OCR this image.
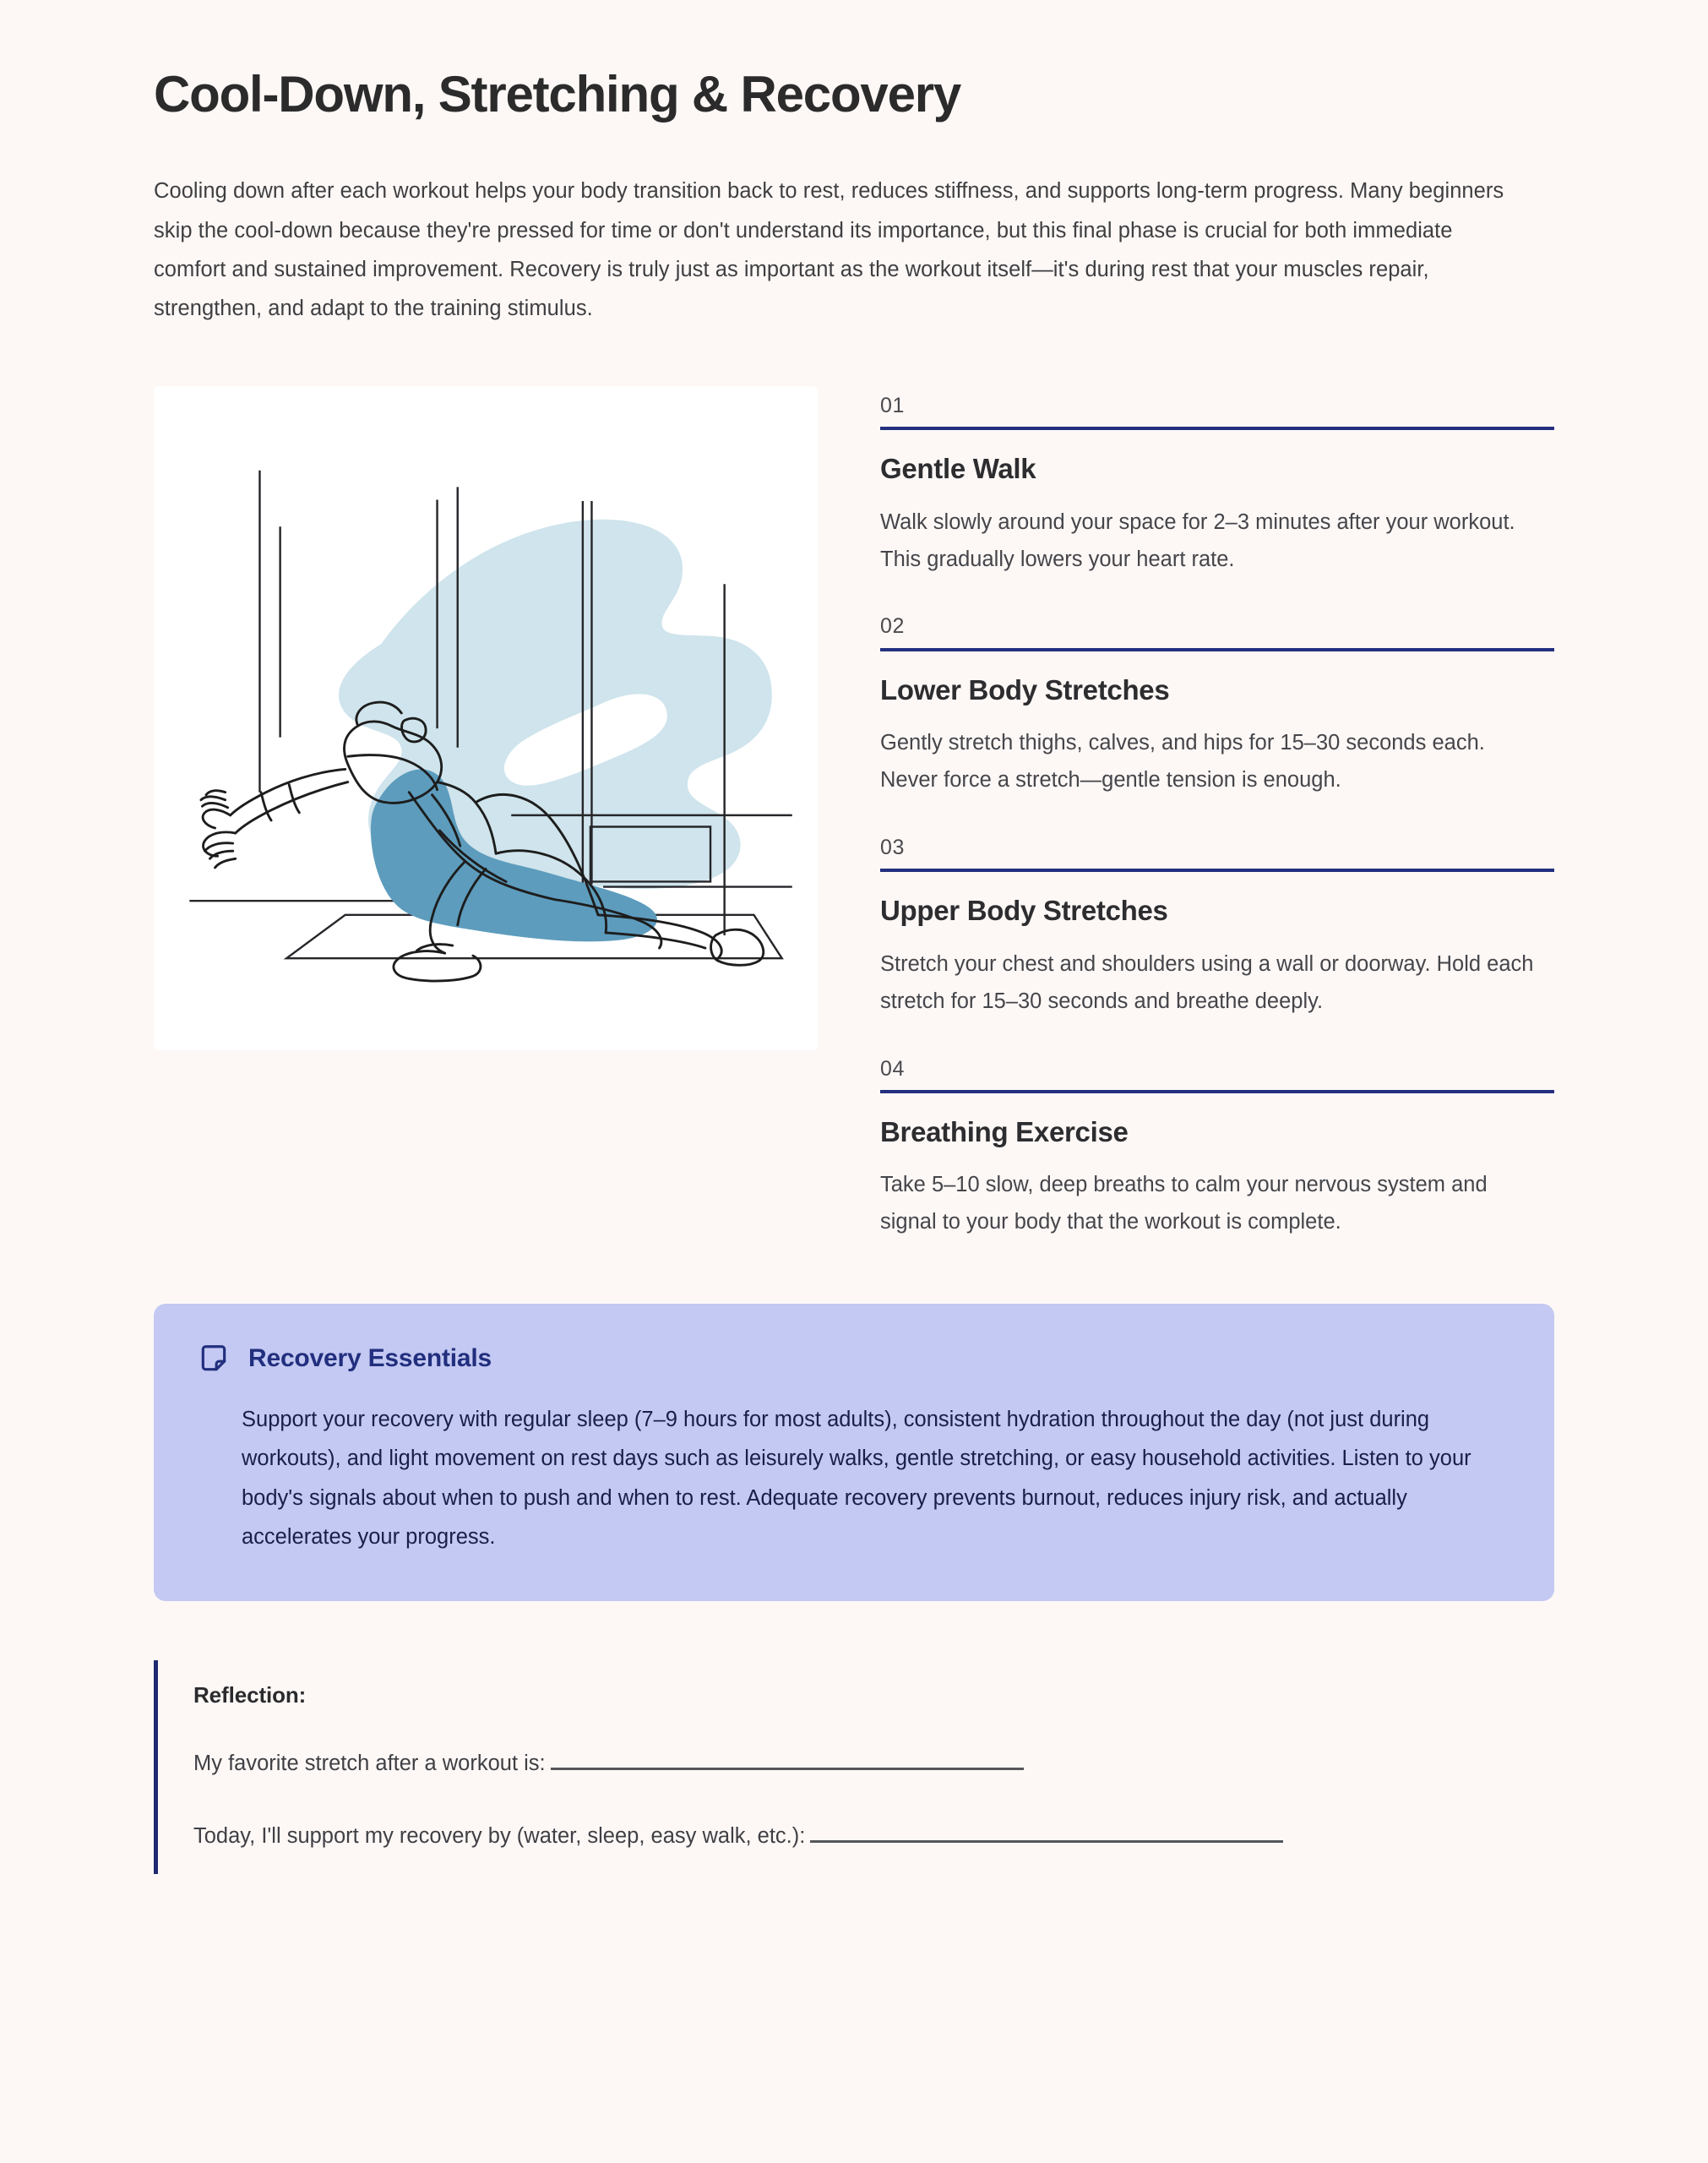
Cool-Down, Stretching & Recovery

Cooling down after each workout helps your body transition back to rest, reduces stiffness, and supports long-term progress. Many beginners skip the cool-down because they're pressed for time or don't understand its importance, but this final phase is crucial for both immediate comfort and sustained improvement. Recovery is truly just as important as the workout itself—it's during rest that your muscles repair, strengthen, and adapt to the training stimulus.

01
Gentle Walk

Walk slowly around your space for 2–3 minutes after your workout. This gradually lowers your heart rate.

02
Lower Body Stretches

Gently stretch thighs, calves, and hips for 15–30 seconds each. Never force a stretch—gentle tension is enough.

03
Upper Body Stretches

Stretch your chest and shoulders using a wall or doorway. Hold each stretch for 15–30 seconds and breathe deeply.

04
Breathing Exercise

Take 5–10 slow, deep breaths to calm your nervous system and signal to your body that the workout is complete.

Recovery Essentials

Support your recovery with regular sleep (7–9 hours for most adults), consistent hydration throughout the day (not just during workouts), and light movement on rest days such as leisurely walks, gentle stretching, or easy household activities. Listen to your body's signals about when to push and when to rest. Adequate recovery prevents burnout, reduces injury risk, and actually accelerates your progress.

Reflection:
My favorite stretch after a workout is:
Today, I'll support my recovery by (water, sleep, easy walk, etc.):
